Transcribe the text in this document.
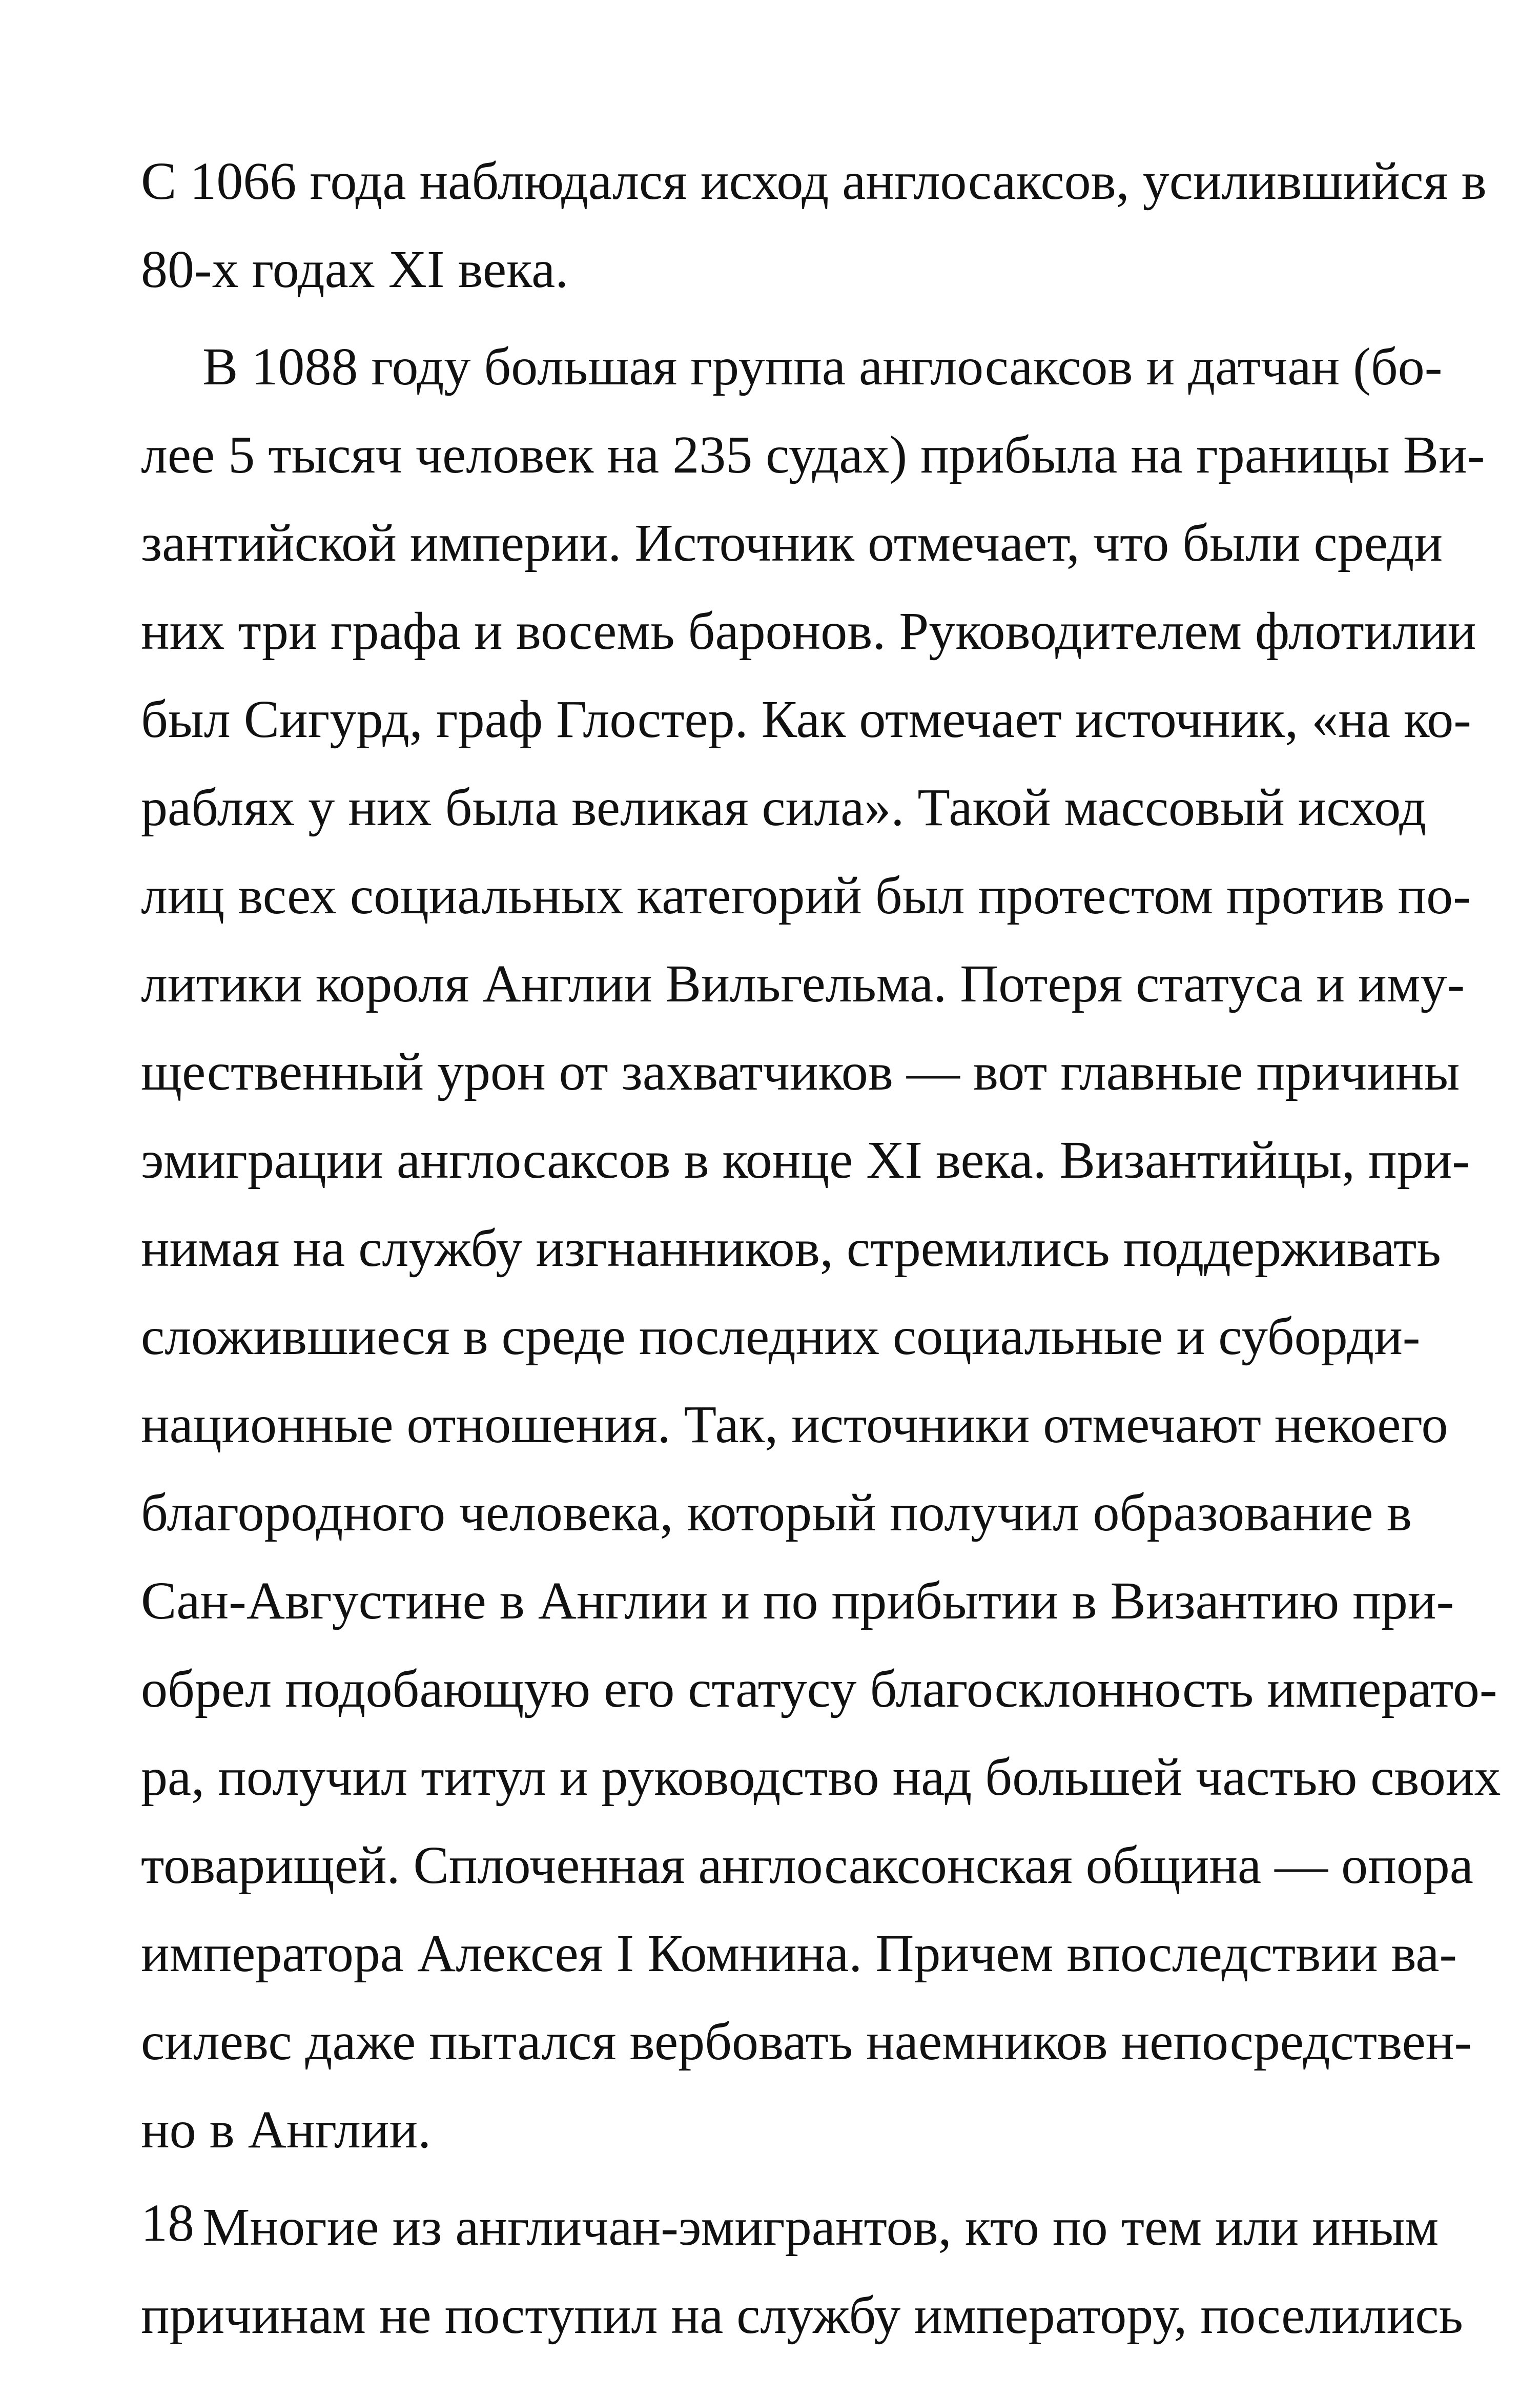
С 1066 года наблюдался исход англосаксов, усилившийся в
80-х годах XI века.
В 1088 году большая группа англосаксов и датчан (бо-
лее 5 тысяч человек на 235 судах) прибыла на границы Ви-
зантийской империи. Источник отмечает, что были среди
них три графа и восемь баронов. Руководителем флотилии
был Сигурд, граф Глостер. Как отмечает источник, «на ко-
раблях у них была великая сила». Такой массовый исход
лиц всех социальных категорий был протестом против по-
литики короля Англии Вильгельма. Потеря статуса и иму-
щественный урон от захватчиков — вот главные причины
эмиграции англосаксов в конце XI века. Византийцы, при-
нимая на службу изгнанников, стремились поддерживать
сложившиеся в среде последних социальные и суборди-
национные отношения. Так, источники отмечают некоего
благородного человека, который получил образование в
Сан-Августине в Англии и по прибытии в Византию при-
обрел подобающую его статусу благосклонность императо-
ра, получил титул и руководство над большей частью своих
товарищей. Сплоченная англосаксонская община — опора
императора Алексея I Комнина. Причем впоследствии ва-
силевс даже пытался вербовать наемников непосредствен-
но в Англии.
Многие из англичан-эмигрантов, кто по тем или иным
причинам не поступил на службу императору, поселились
18
